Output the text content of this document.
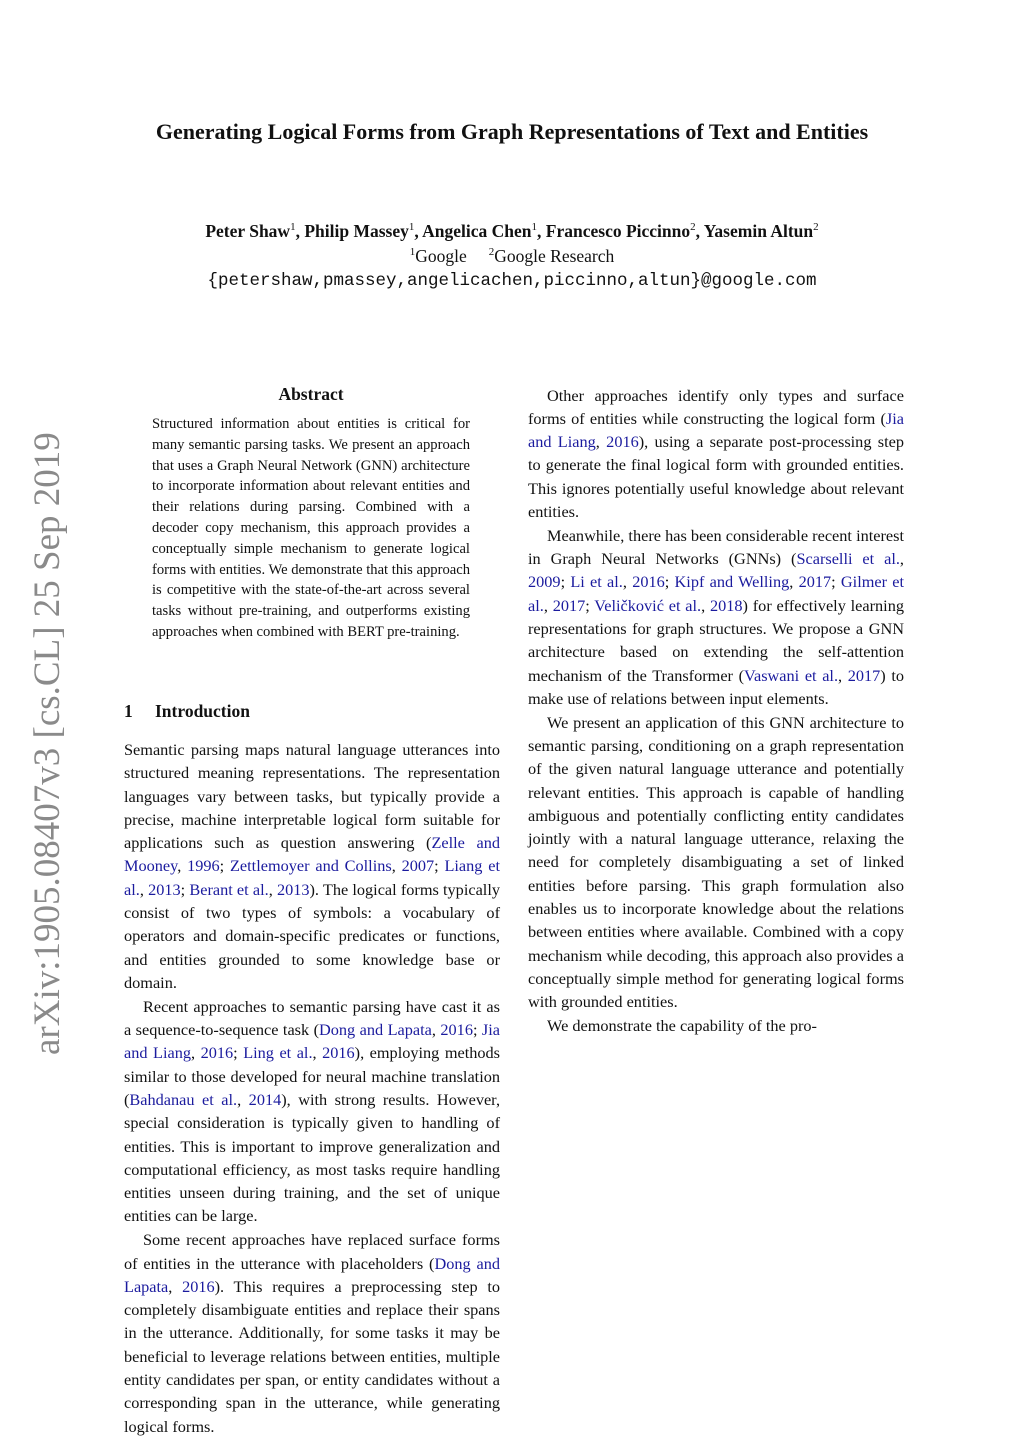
Generating Logical Forms from Graph Representations of Text and Entities
Peter Shaw$^1$, Philip Massey$^1$, Angelica Chen$^1$, Francesco Piccinno$^2$, Yasemin Altun$^2$
$^1$Google $^2$Google Research
{petershaw,pmassey,angelicachen,piccinno,altun}@google.com
arXiv:1905.08407v3 [cs.CL] 25 Sep 2019
Abstract
Structured information about entities is critical for many semantic parsing tasks. We present an approach that uses a Graph Neural Network (GNN) architecture to incorporate information about relevant entities and their relations during parsing. Combined with a decoder copy mechanism, this approach provides a conceptually simple mechanism to generate logical forms with entities. We demonstrate that this approach is competitive with the state-of-the-art across several tasks without pre-training, and outperforms existing approaches when combined with BERT pre-training.
1 Introduction

Semantic parsing maps natural language utterances into structured meaning representations. The representation languages vary between tasks, but typically provide a precise, machine interpretable logical form suitable for applications such as question answering (Zelle and Mooney, 1996; Zettlemoyer and Collins, 2007; Liang et al., 2013; Berant et al., 2013). The logical forms typically consist of two types of symbols: a vocabulary of operators and domain-specific predicates or functions, and entities grounded to some knowledge base or domain.

Recent approaches to semantic parsing have cast it as a sequence-to-sequence task (Dong and Lapata, 2016; Jia and Liang, 2016; Ling et al., 2016), employing methods similar to those developed for neural machine translation (Bahdanau et al., 2014), with strong results. However, special consideration is typically given to handling of entities. This is important to improve generalization and computational efficiency, as most tasks require handling entities unseen during training, and the set of unique entities can be large.

Some recent approaches have replaced surface forms of entities in the utterance with placeholders (Dong and Lapata, 2016). This requires a preprocessing step to completely disambiguate entities and replace their spans in the utterance. Additionally, for some tasks it may be beneficial to leverage relations between entities, multiple entity candidates per span, or entity candidates without a corresponding span in the utterance, while generating logical forms.

Other approaches identify only types and surface forms of entities while constructing the logical form (Jia and Liang, 2016), using a separate post-processing step to generate the final logical form with grounded entities. This ignores potentially useful knowledge about relevant entities.

Meanwhile, there has been considerable recent interest in Graph Neural Networks (GNNs) (Scarselli et al., 2009; Li et al., 2016; Kipf and Welling, 2017; Gilmer et al., 2017; Veličković et al., 2018) for effectively learning representations for graph structures. We propose a GNN architecture based on extending the self-attention mechanism of the Transformer (Vaswani et al., 2017) to make use of relations between input elements.

We present an application of this GNN architecture to semantic parsing, conditioning on a graph representation of the given natural language utterance and potentially relevant entities. This approach is capable of handling ambiguous and potentially conflicting entity candidates jointly with a natural language utterance, relaxing the need for completely disambiguating a set of linked entities before parsing. This graph formulation also enables us to incorporate knowledge about the relations between entities where available. Combined with a copy mechanism while decoding, this approach also provides a conceptually simple method for generating logical forms with grounded entities.

We demonstrate the capability of the pro-
